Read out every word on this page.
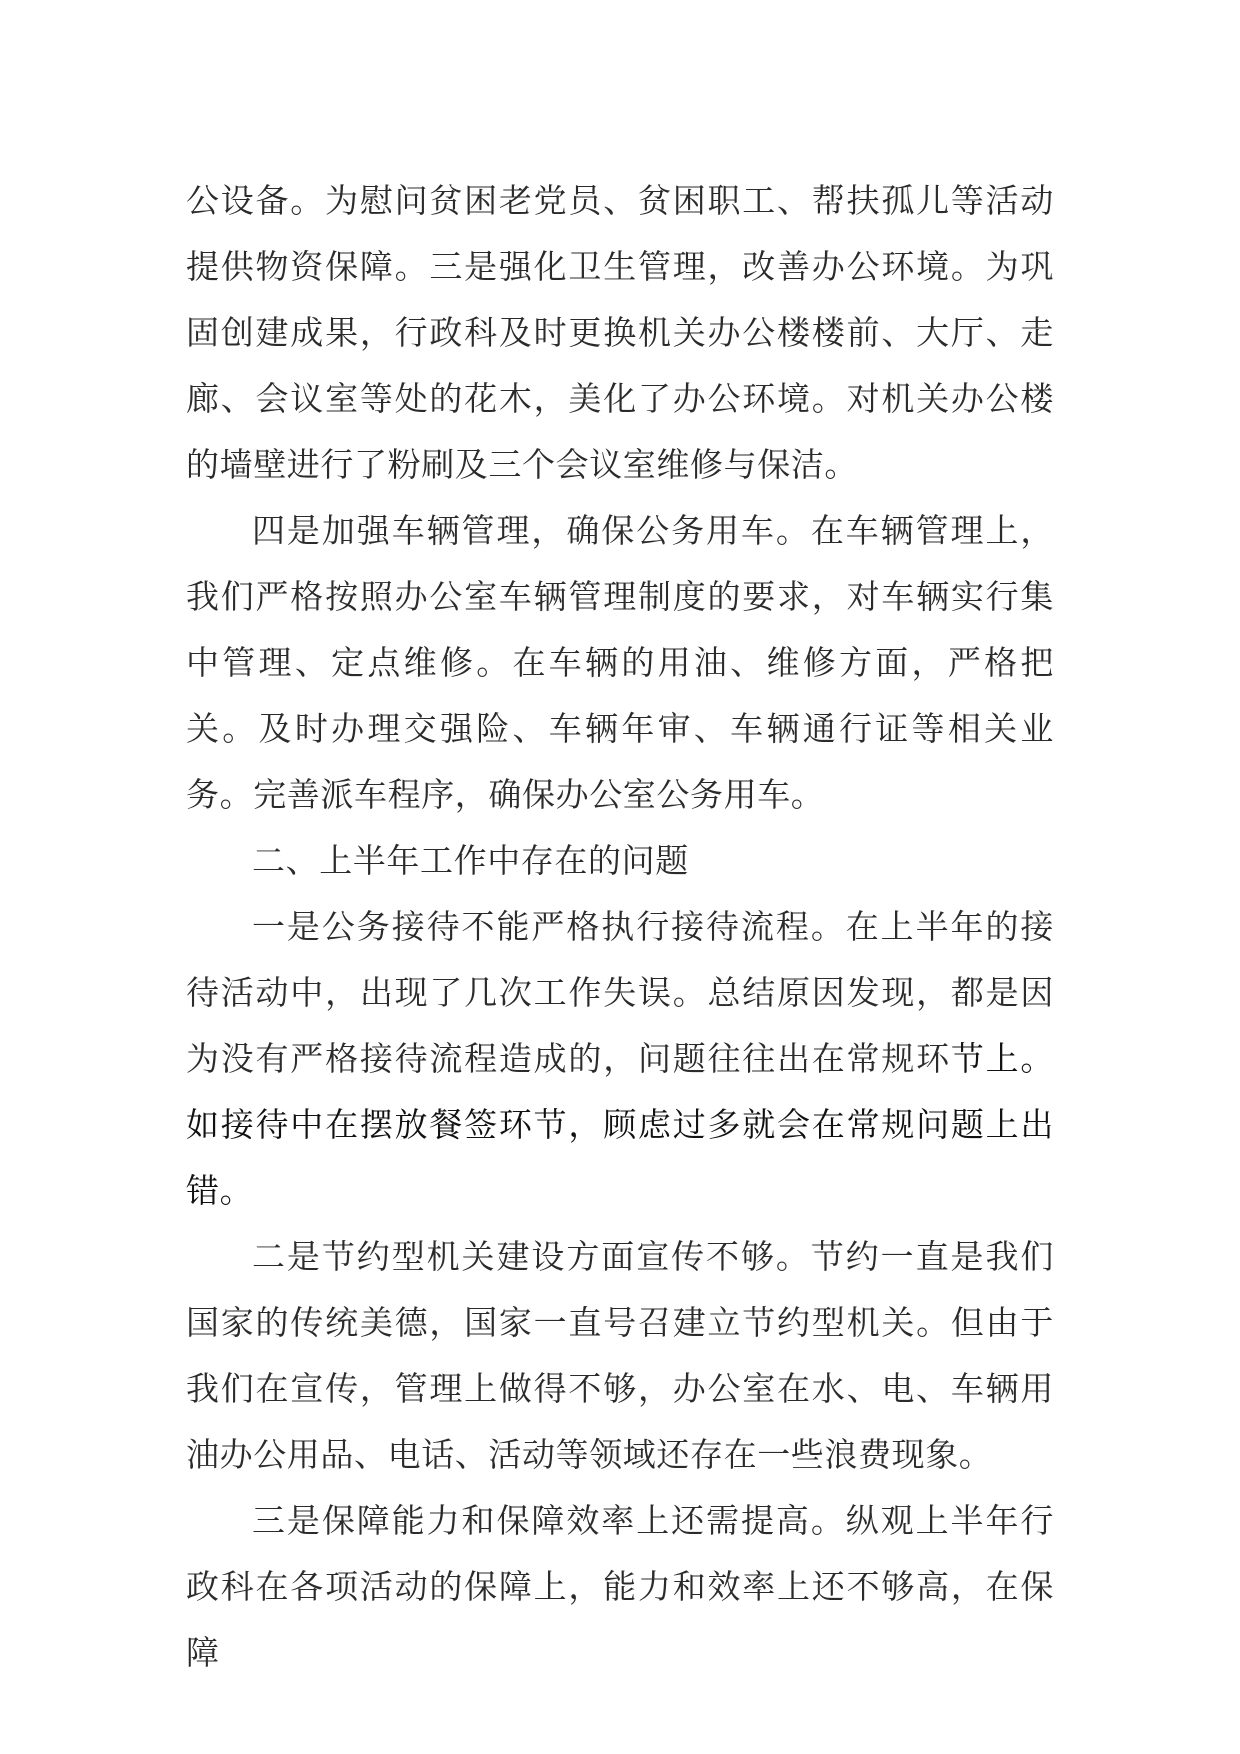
公设备。为慰问贫困老党员、贫困职工、帮扶孤儿等活动提供物资保障。三是强化卫生管理，改善办公环境。为巩固创建成果，行政科及时更换机关办公楼楼前、大厅、走廊、会议室等处的花木，美化了办公环境。对机关办公楼的墙壁进行了粉刷及三个会议室维修与保洁。

四是加强车辆管理，确保公务用车。在车辆管理上，我们严格按照办公室车辆管理制度的要求，对车辆实行集中管理、定点维修。在车辆的用油、维修方面，严格把关。及时办理交强险、车辆年审、车辆通行证等相关业务。完善派车程序，确保办公室公务用车。

二、上半年工作中存在的问题

一是公务接待不能严格执行接待流程。在上半年的接待活动中，出现了几次工作失误。总结原因发现，都是因为没有严格接待流程造成的，问题往往出在常规环节上。如接待中在摆放餐签环节，顾虑过多就会在常规问题上出错。

二是节约型机关建设方面宣传不够。节约一直是我们国家的传统美德，国家一直号召建立节约型机关。但由于我们在宣传，管理上做得不够，办公室在水、电、车辆用油办公用品、电话、活动等领域还存在一些浪费现象。

三是保障能力和保障效率上还需提高。纵观上半年行政科在各项活动的保障上，能力和效率上还不够高，在保障
